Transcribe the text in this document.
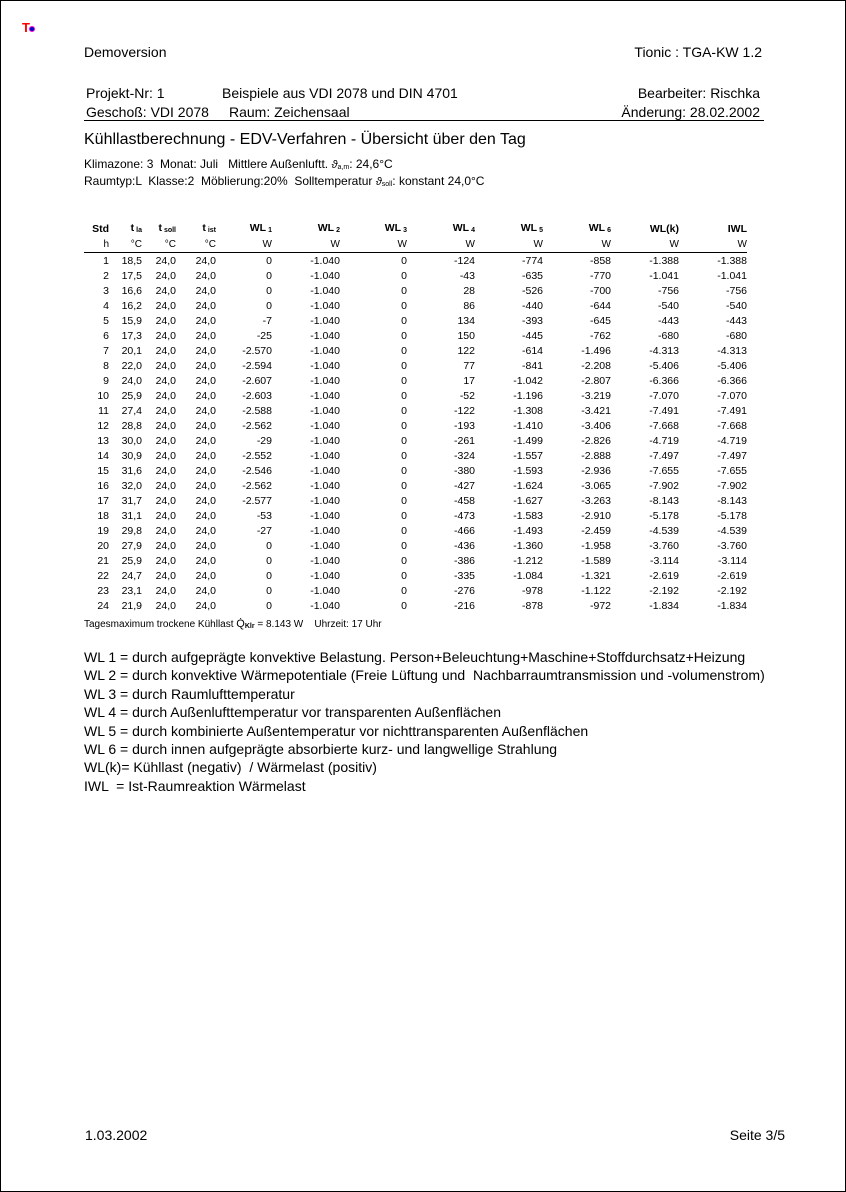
T
Demoversion	Tionic : TGA-KW 1.2
Projekt-Nr: 1	Beispiele aus VDI 2078 und DIN 4701	Bearbeiter: Rischka
Geschoß: VDI 2078 Raum: Zeichensaal	Änderung: 28.02.2002
Kühllastberechnung - EDV-Verfahren - Übersicht über den Tag
Klimazone: 3  Monat: Juli   Mittlere Außenluftt. ϑa,m: 24,6°C
Raumtyp:L  Klasse:2  Möblierung:20%  Solltemperatur ϑsoll: konstant 24,0°C
Std	t la	t soll	t ist	WL 1	WL 2	WL 3	WL 4	WL 5	WL 6	WL(k)	IWL
h	°C	°C	°C	W	W	W	W	W	W	W	W
1	18,5	24,0	24,0	0	-1.040	0	-124	-774	-858	-1.388	-1.388
2	17,5	24,0	24,0	0	-1.040	0	-43	-635	-770	-1.041	-1.041
3	16,6	24,0	24,0	0	-1.040	0	28	-526	-700	-756	-756
4	16,2	24,0	24,0	0	-1.040	0	86	-440	-644	-540	-540
5	15,9	24,0	24,0	-7	-1.040	0	134	-393	-645	-443	-443
6	17,3	24,0	24,0	-25	-1.040	0	150	-445	-762	-680	-680
7	20,1	24,0	24,0	-2.570	-1.040	0	122	-614	-1.496	-4.313	-4.313
8	22,0	24,0	24,0	-2.594	-1.040	0	77	-841	-2.208	-5.406	-5.406
9	24,0	24,0	24,0	-2.607	-1.040	0	17	-1.042	-2.807	-6.366	-6.366
10	25,9	24,0	24,0	-2.603	-1.040	0	-52	-1.196	-3.219	-7.070	-7.070
11	27,4	24,0	24,0	-2.588	-1.040	0	-122	-1.308	-3.421	-7.491	-7.491
12	28,8	24,0	24,0	-2.562	-1.040	0	-193	-1.410	-3.406	-7.668	-7.668
13	30,0	24,0	24,0	-29	-1.040	0	-261	-1.499	-2.826	-4.719	-4.719
14	30,9	24,0	24,0	-2.552	-1.040	0	-324	-1.557	-2.888	-7.497	-7.497
15	31,6	24,0	24,0	-2.546	-1.040	0	-380	-1.593	-2.936	-7.655	-7.655
16	32,0	24,0	24,0	-2.562	-1.040	0	-427	-1.624	-3.065	-7.902	-7.902
17	31,7	24,0	24,0	-2.577	-1.040	0	-458	-1.627	-3.263	-8.143	-8.143
18	31,1	24,0	24,0	-53	-1.040	0	-473	-1.583	-2.910	-5.178	-5.178
19	29,8	24,0	24,0	-27	-1.040	0	-466	-1.493	-2.459	-4.539	-4.539
20	27,9	24,0	24,0	0	-1.040	0	-436	-1.360	-1.958	-3.760	-3.760
21	25,9	24,0	24,0	0	-1.040	0	-386	-1.212	-1.589	-3.114	-3.114
22	24,7	24,0	24,0	0	-1.040	0	-335	-1.084	-1.321	-2.619	-2.619
23	23,1	24,0	24,0	0	-1.040	0	-276	-978	-1.122	-2.192	-2.192
24	21,9	24,0	24,0	0	-1.040	0	-216	-878	-972	-1.834	-1.834
Tagesmaximum trockene Kühllast Q̇Klr = 8.143 W    Uhrzeit: 17 Uhr
WL 1 = durch aufgeprägte konvektive Belastung. Person+Beleuchtung+Maschine+Stoffdurchsatz+Heizung
WL 2 = durch konvektive Wärmepotentiale (Freie Lüftung und  Nachbarraumtransmission und -volumenstrom)
WL 3 = durch Raumlufttemperatur
WL 4 = durch Außenlufttemperatur vor transparenten Außenflächen
WL 5 = durch kombinierte Außentemperatur vor nichttransparenten Außenflächen
WL 6 = durch innen aufgeprägte absorbierte kurz- und langwellige Strahlung
WL(k)= Kühllast (negativ)  / Wärmelast (positiv)
IWL  = Ist-Raumreaktion Wärmelast
1.03.2002	Seite 3/5
